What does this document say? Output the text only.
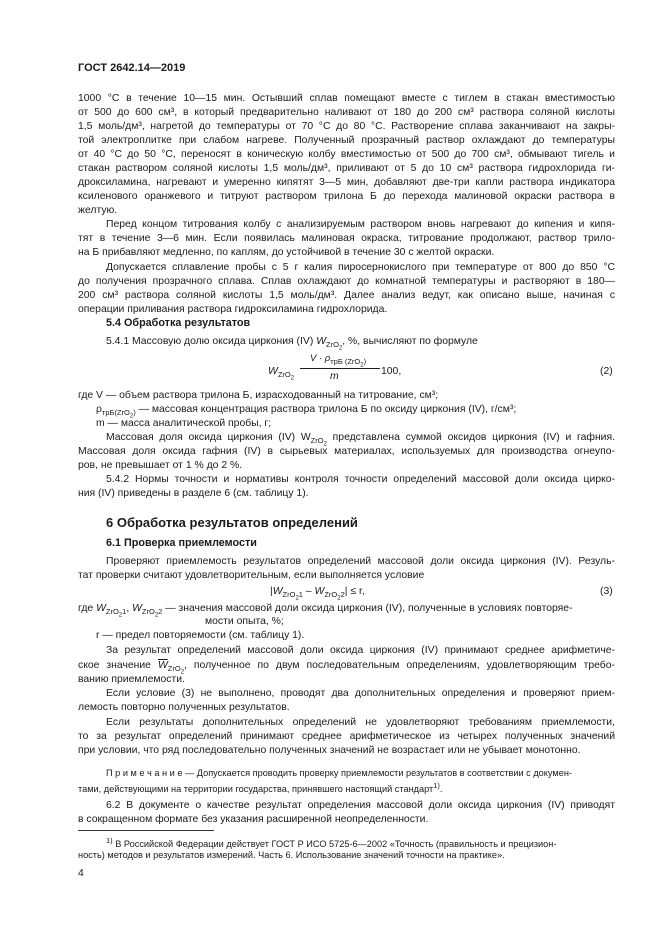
ГОСТ 2642.14—2019
1000 °С в течение 10—15 мин. Остывший сплав помещают вместе с тиглем в стакан вместимостью
от 500 до 600 см³, в который предварительно наливают от 180 до 200 см³ раствора соляной кислоты
1,5 моль/дм³, нагретой до температуры от 70 °С до 80 °С. Растворение сплава заканчивают на закры-
той электроплитке при слабом нагреве. Полученный прозрачный раствор охлаждают до температуры
от 40 °С до 50 °С, переносят в коническую колбу вместимостью от 500 до 700 см³, обмывают тигель и
стакан раствором соляной кислоты 1,5 моль/дм³, приливают от 5 до 10 см³ раствора гидрохлорида ги-
дроксиламина, нагревают и умеренно кипятят 3—5 мин, добавляют две-три капли раствора индикатора
ксиленового оранжевого и титруют раствором трилона Б до перехода малиновой окраски раствора в
желтую.
Перед концом титрования колбу с анализируемым раствором вновь нагревают до кипения и кипя-
тят в течение 3—6 мин. Если появилась малиновая окраска, титрование продолжают, раствор трило-
на Б прибавляют медленно, по каплям, до устойчивой в течение 30 с желтой окраски.
Допускается сплавление пробы с 5 г калия пиросернокислого при температуре от 800 до 850 °С
до получения прозрачного сплава. Сплав охлаждают до комнатной температуры и растворяют в 180—
200 см³ раствора соляной кислоты 1,5 моль/дм³. Далее анализ ведут, как описано выше, начиная с
операции приливания раствора гидроксиламина гидрохлорида.
5.4 Обработка результатов
5.4.1 Массовую долю оксида циркония (IV) $W_{ZrO_2}$, %, вычисляют по формуле
$W_{ZrO_2}$
$V \cdot \rho_{трБ (ZrO_2)}$
m	100,	(2)
где V — объем раствора трилона Б, израсходованный на титрование, см³;
$\rho_{трБ(ZrO_2)}$ — массовая концентрация раствора трилона Б по оксиду циркония (IV), г/см³;
m — масса аналитической пробы, г;
Массовая доля оксида циркония (IV) $W_{ZrO_2}$ представлена суммой оксидов циркония (IV) и гафния.
Массовая доля оксида гафния (IV) в сырьевых материалах, используемых для производства огнеупо-
ров, не превышает от 1 % до 2 %.
5.4.2 Нормы точности и нормативы контроля точности определений массовой доли оксида цирко-
ния (IV) приведены в разделе 6 (см. таблицу 1).
6 Обработка результатов определений
6.1 Проверка приемлемости
Проверяют приемлемость результатов определений массовой доли оксида циркония (IV). Резуль-
тат проверки считают удовлетворительным, если выполняется условие
$|W_{ZrO_21} - W_{ZrO_22}| \le r$,	(3)
где $W_{ZrO_21}$, $W_{ZrO_22}$ — значения массовой доли оксида циркония (IV), полученные в условиях повторяе-
мости опыта, %;
r — предел повторяемости (см. таблицу 1).
За результат определений массовой доли оксида циркония (IV) принимают среднее арифметиче-
ское значение $\overline{W}_{ZrO_2}$, полученное по двум последовательным определениям, удовлетворяющим требо-
ванию приемлемости.
Если условие (3) не выполнено, проводят два дополнительных определения и проверяют прием-
лемость повторно полученных результатов.
Если результаты дополнительных определений не удовлетворяют требованиям приемлемости,
то за результат определений принимают среднее арифметическое из четырех полученных значений
при условии, что ряд последовательно полученных значений не возрастает или не убывает монотонно.
П р и м е ч а н и е — Допускается проводить проверку приемлемости результатов в соответствии с докумен-
тами, действующими на территории государства, принявшего настоящий стандарт$^{1)}$.
6.2 В документе о качестве результат определения массовой доли оксида циркония (IV) приводят
в сокращенном формате без указания расширенной неопределенности.
$^{1)}$ В Российской Федерации действует ГОСТ Р ИСО 5725-6—2002 «Точность (правильность и прецизион-
ность) методов и результатов измерений. Часть 6. Использование значений точности на практике».
4
